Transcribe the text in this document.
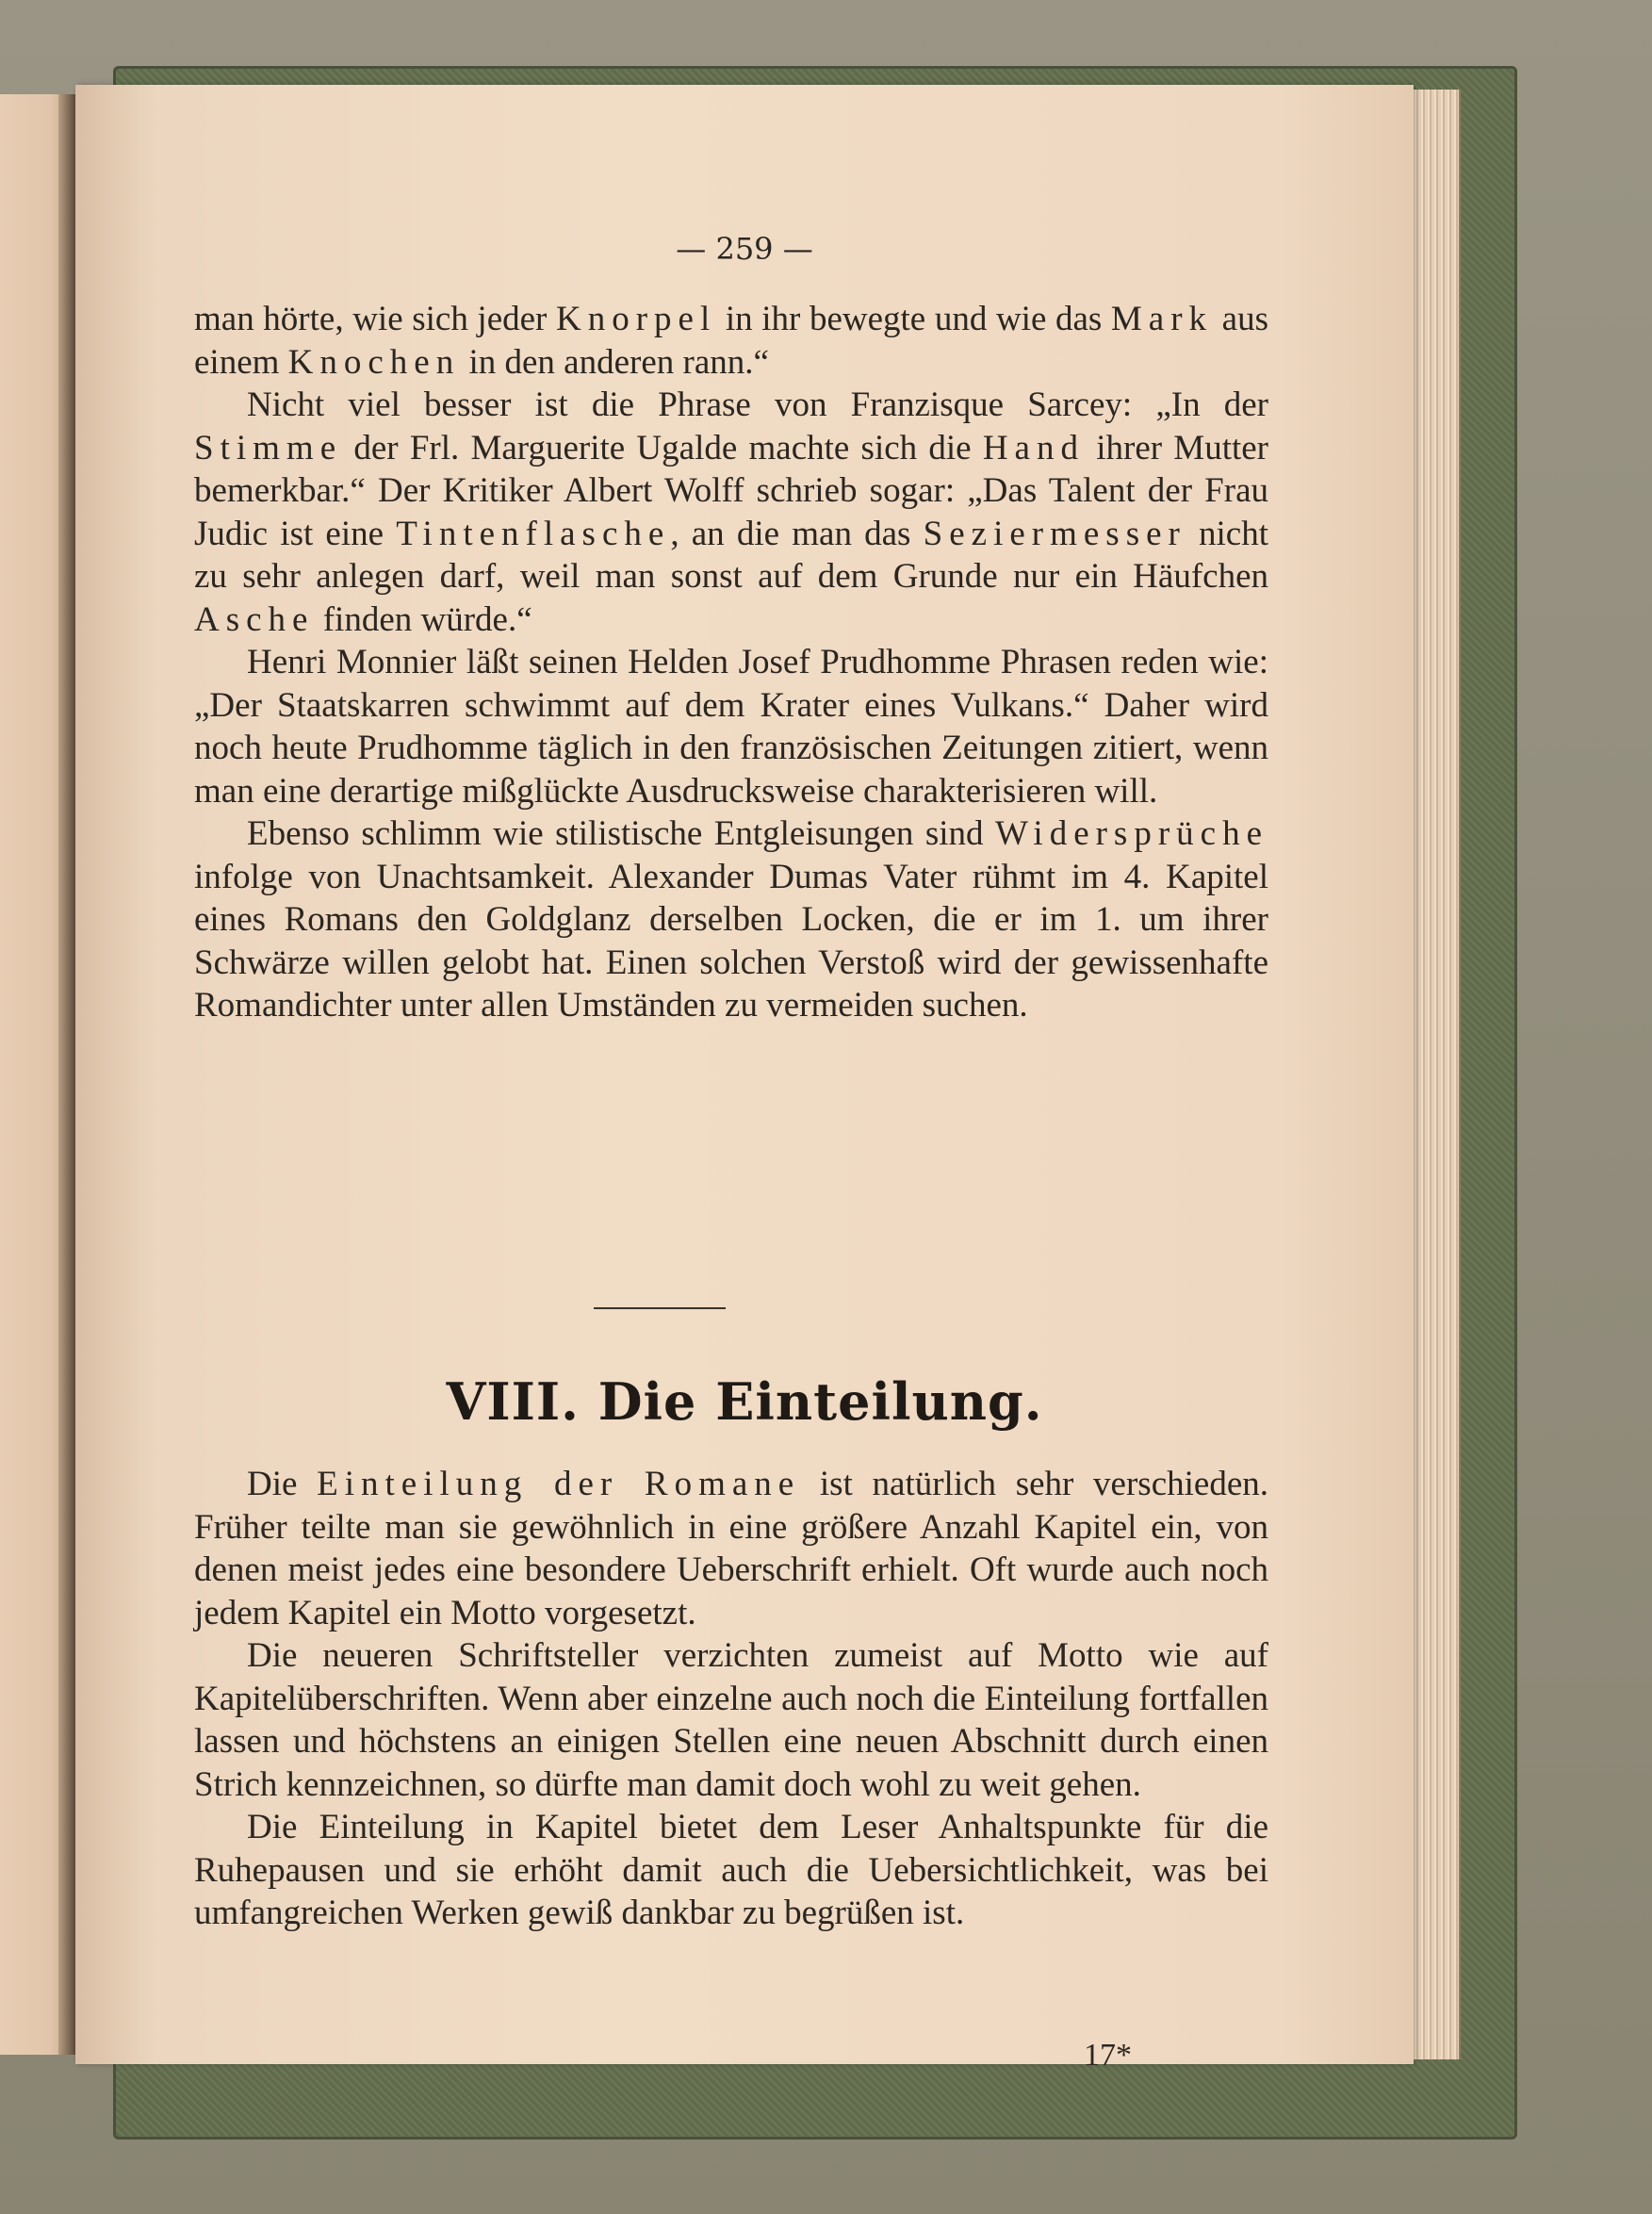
— 259 —

man hörte, wie sich jeder Knorpel in ihr bewegte und wie das Mark aus einem Knochen in den anderen rann.“

Nicht viel besser ist die Phrase von Franzisque Sarcey: „In der Stimme der Frl. Marguerite Ugalde machte sich die Hand ihrer Mutter bemerkbar.“ Der Kritiker Albert Wolff schrieb sogar: „Das Talent der Frau Judic ist eine Tintenflasche, an die man das Seziermesser nicht zu sehr anlegen darf, weil man sonst auf dem Grunde nur ein Häufchen Asche finden würde.“

Henri Monnier läßt seinen Helden Josef Prudhomme Phrasen reden wie: „Der Staatskarren schwimmt auf dem Krater eines Vulkans.“ Daher wird noch heute Prudhomme täglich in den französischen Zeitungen zitiert, wenn man eine derartige mißglückte Ausdrucksweise charakterisieren will.

Ebenso schlimm wie stilistische Entgleisungen sind Widersprüche infolge von Unachtsamkeit. Alexander Dumas Vater rühmt im 4. Kapitel eines Romans den Goldglanz derselben Locken, die er im 1. um ihrer Schwärze willen gelobt hat. Einen solchen Verstoß wird der gewissenhafte Romandichter unter allen Umständen zu vermeiden suchen.

VIII. Die Einteilung.

Die Einteilung der Romane ist natürlich sehr verschieden. Früher teilte man sie gewöhnlich in eine größere Anzahl Kapitel ein, von denen meist jedes eine besondere Ueberschrift erhielt. Oft wurde auch noch jedem Kapitel ein Motto vorgesetzt.

Die neueren Schriftsteller verzichten zumeist auf Motto wie auf Kapitelüberschriften. Wenn aber einzelne auch noch die Einteilung fortfallen lassen und höchstens an einigen Stellen eine neuen Abschnitt durch einen Strich kennzeichnen, so dürfte man damit doch wohl zu weit gehen.

Die Einteilung in Kapitel bietet dem Leser Anhaltspunkte für die Ruhepausen und sie erhöht damit auch die Uebersichtlichkeit, was bei umfangreichen Werken gewiß dankbar zu begrüßen ist.

17*
